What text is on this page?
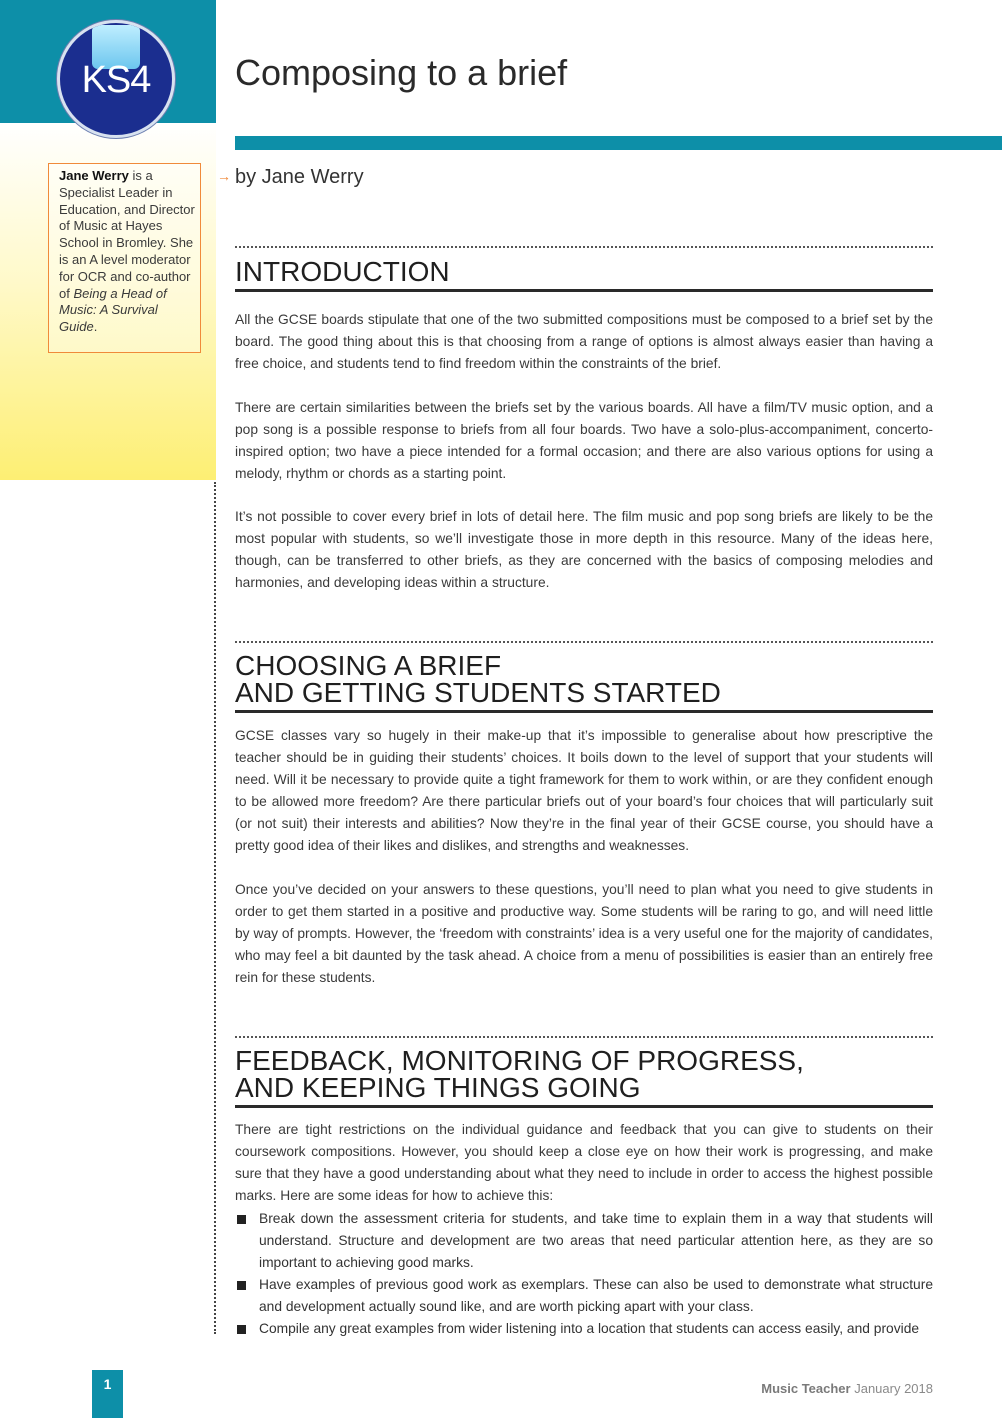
KS4
Jane Werry is a Specialist Leader in Education, and Director of Music at Hayes School in Bromley. She is an A level moderator for OCR and co-author of Being a Head of Music: A Survival Guide.
→
Composing to a brief
by Jane Werry
INTRODUCTION

All the GCSE boards stipulate that one of the two submitted compositions must be composed to a brief set by the board. The good thing about this is that choosing from a range of options is almost always easier than having a free choice, and students tend to find freedom within the constraints of the brief.

There are certain similarities between the briefs set by the various boards. All have a film/TV music option, and a pop song is a possible response to briefs from all four boards. Two have a solo-plus-accompaniment, concerto-inspired option; two have a piece intended for a formal occasion; and there are also various options for using a melody, rhythm or chords as a starting point.

It’s not possible to cover every brief in lots of detail here. The film music and pop song briefs are likely to be the most popular with students, so we’ll investigate those in more depth in this resource. Many of the ideas here, though, can be transferred to other briefs, as they are concerned with the basics of composing melodies and harmonies, and developing ideas within a structure.

CHOOSING A BRIEF
AND GETTING STUDENTS STARTED

GCSE classes vary so hugely in their make-up that it’s impossible to generalise about how prescriptive the teacher should be in guiding their students’ choices. It boils down to the level of support that your students will need. Will it be necessary to provide quite a tight framework for them to work within, or are they confident enough to be allowed more freedom? Are there particular briefs out of your board’s four choices that will particularly suit (or not suit) their interests and abilities? Now they’re in the final year of their GCSE course, you should have a pretty good idea of their likes and dislikes, and strengths and weaknesses.

Once you’ve decided on your answers to these questions, you’ll need to plan what you need to give students in order to get them started in a positive and productive way. Some students will be raring to go, and will need little by way of prompts. However, the ‘freedom with constraints’ idea is a very useful one for the majority of candidates, who may feel a bit daunted by the task ahead. A choice from a menu of possibilities is easier than an entirely free rein for these students.

FEEDBACK, MONITORING OF PROGRESS,
AND KEEPING THINGS GOING

There are tight restrictions on the individual guidance and feedback that you can give to students on their coursework compositions. However, you should keep a close eye on how their work is progressing, and make sure that they have a good understanding about what they need to include in order to access the highest possible marks. Here are some ideas for how to achieve this:

Break down the assessment criteria for students, and take time to explain them in a way that students will understand. Structure and development are two areas that need particular attention here, as they are so important to achieving good marks.
Have examples of previous good work as exemplars. These can also be used to demonstrate what structure and development actually sound like, and are worth picking apart with your class.
Compile any great examples from wider listening into a location that students can access easily, and provide
1	Music Teacher January 2018
